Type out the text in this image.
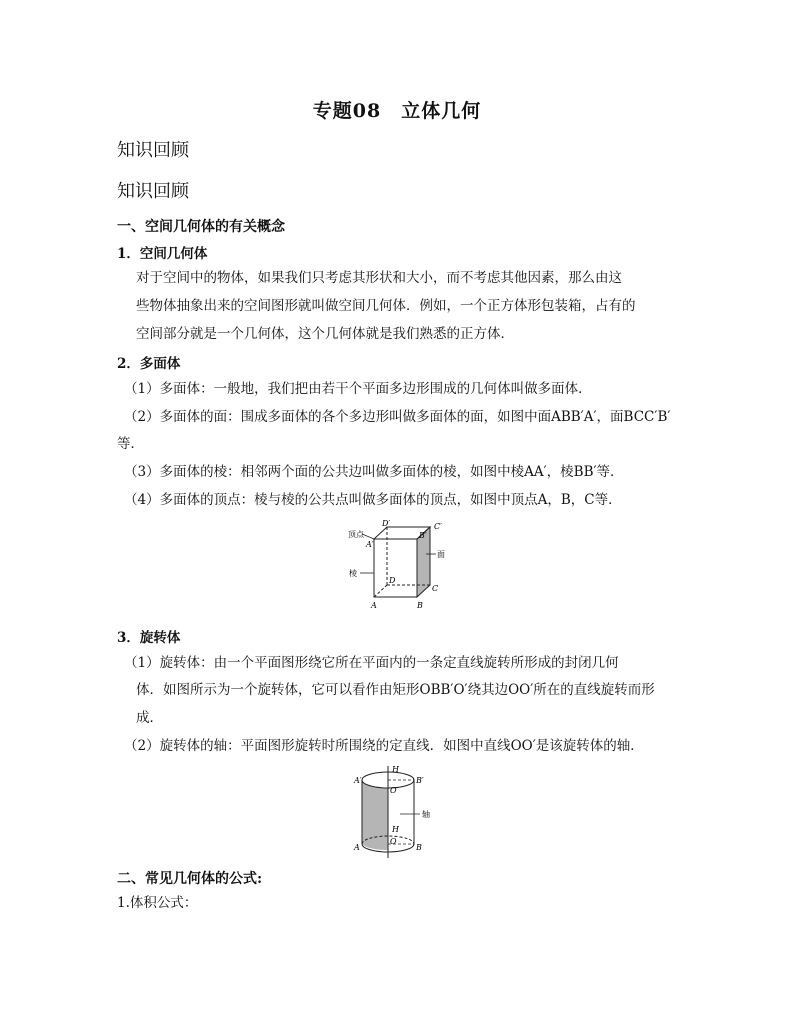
专题08　立体几何
知识回顾
知识回顾
一、空间几何体的有关概念
1．空间几何体
对于空间中的物体，如果我们只考虑其形状和大小，而不考虑其他因素，那么由这
些物体抽象出来的空间图形就叫做空间几何体．例如，一个正方体形包装箱，占有的
空间部分就是一个几何体，这个几何体就是我们熟悉的正方体．
2．多面体
（1）多面体：一般地，我们把由若干个平面多边形围成的几何体叫做多面体．
（2）多面体的面：围成多面体的各个多边形叫做多面体的面，如图中面ABB′A′，面BCC′B′
等．
（3）多面体的棱：相邻两个面的公共边叫做多面体的棱，如图中棱AA′，棱BB′等．
（4）多面体的顶点：棱与棱的公共点叫做多面体的顶点，如图中顶点A，B，C等．
顶点
A′
D′	C′
B′
面
棱
D
C
A	B
3．旋转体
（1）旋转体：由一个平面图形绕它所在平面内的一条定直线旋转所形成的封闭几何
体．如图所示为一个旋转体，它可以看作由矩形OBB′O′绕其边OO′所在的直线旋转而形
成．
（2）旋转体的轴：平面图形旋转时所围绕的定直线．如图中直线OO′是该旋转体的轴．
H
A′	B′
O′
轴
H
A	B
O
二、常见几何体的公式:
1.体积公式：
